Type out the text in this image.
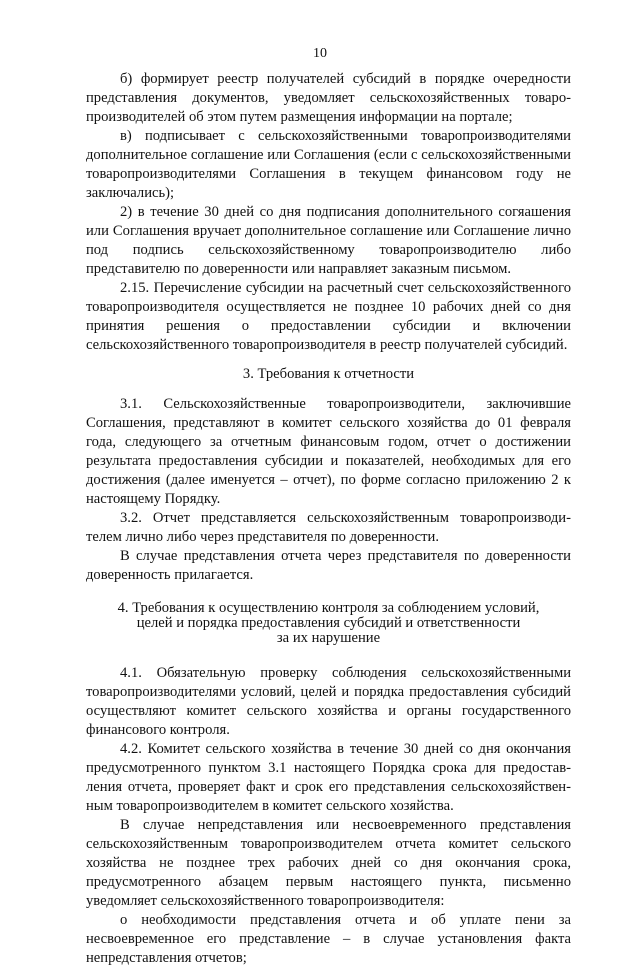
10

б) формирует реестр получателей субсидий в порядке очередности представления документов, уведомляет сельскохозяйственных товаропроизводителей об этом путем размещения информации на портале;

в) подписывает с сельскохозяйственными товаропроизводителями дополнительное соглашение или Соглашения (если с сельскохозяйственными товаропроизводителями Соглашения в текущем финансовом году не заключались);

2) в течение 30 дней со дня подписания дополнительного согяашения или Соглашения вручает дополнительное соглашение или Соглашение лично под подпись сельскохозяйственному товаропроизводителю либо представителю по доверенности или направляет заказным письмом.

2.15. Перечисление субсидии на расчетный счет сельскохозяйственного товаропроизводителя осуществляется не позднее 10 рабочих дней со дня принятия решения о предоставлении субсидии и включении сельскохозяйственного товаропроизводителя в реестр получателей субсидий.

3. Требования к отчетности

3.1. Сельскохозяйственные товаропроизводители, заключившие Соглашения, представляют в комитет сельского хозяйства до 01 февраля года, следующего за отчетным финансовым годом, отчет о достижении результата предоставления субсидии и показателей, необходимых для его достижения (далее именуется – отчет), по форме согласно приложению 2 к настоящему Порядку.

3.2. Отчет представляется сельскохозяйственным товаропроизводителем лично либо через представителя по доверенности.

В случае представления отчета через представителя по доверенности доверенность прилагается.

4. Требования к осуществлению контроля за соблюдением условий,
целей и порядка предоставления субсидий и ответственности
за их нарушение

4.1. Обязательную проверку соблюдения сельскохозяйственными товаропроизводителями условий, целей и порядка предоставления субсидий осуществляют комитет сельского хозяйства и органы государственного финансового контроля.

4.2. Комитет сельского хозяйства в течение 30 дней со дня окончания предусмотренного пунктом 3.1 настоящего Порядка срока для предоставления отчета, проверяет факт и срок его представления сельскохозяйственным товаропроизводителем в комитет сельского хозяйства.

В случае непредставления или несвоевременного представления сельскохозяйственным товаропроизводителем отчета комитет сельского хозяйства не позднее трех рабочих дней со дня окончания срока, предусмотренного абзацем первым настоящего пункта, письменно уведомляет сельскохозяйственного товаропроизводителя:

о необходимости представления отчета и об уплате пени за несвоевременное его представление – в случае установления факта непредставления отчетов;
